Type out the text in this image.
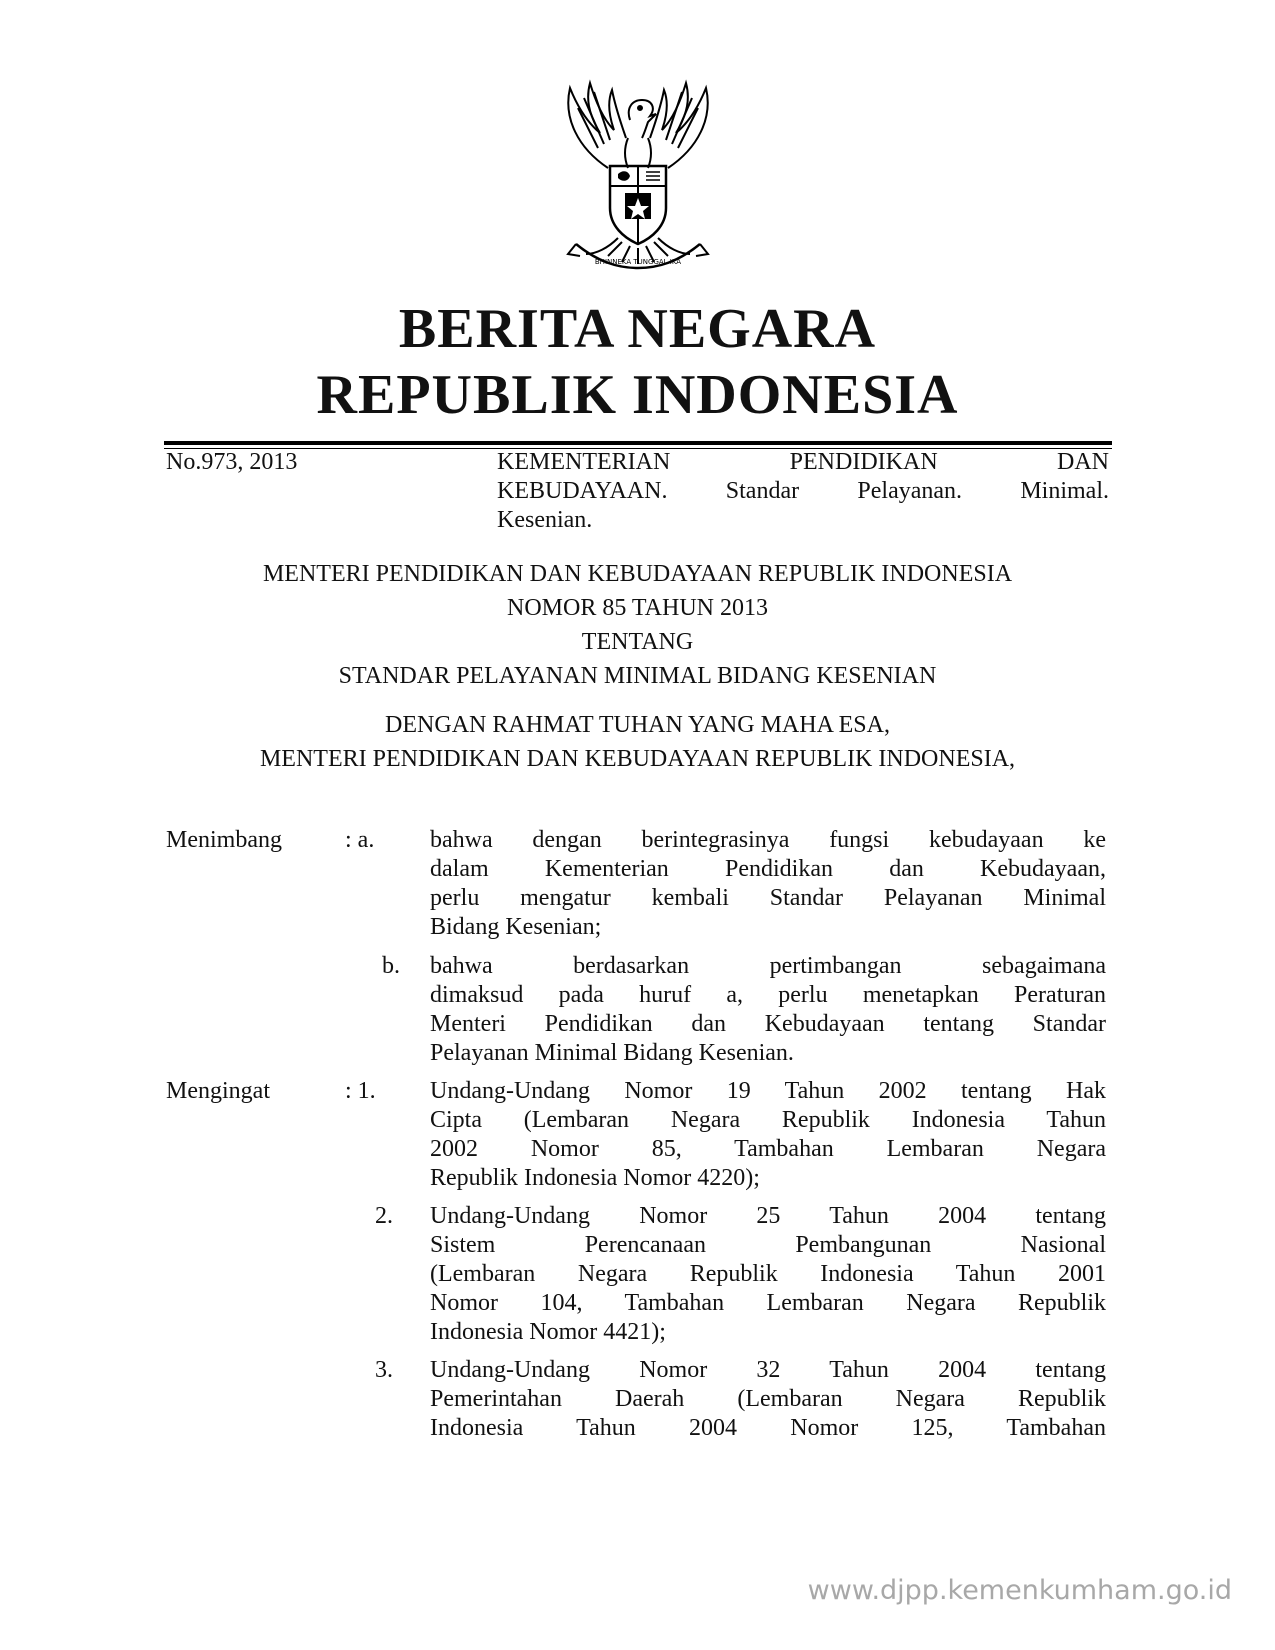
BHINNEKA TUNGGAL IKA
BERITA NEGARA
REPUBLIK INDONESIA
No.973, 2013	KEMENTERIAN PENDIDIKAN DAN
KEBUDAYAAN. Standar Pelayanan. Minimal.
Kesenian.
MENTERI PENDIDIKAN DAN KEBUDAYAAN REPUBLIK INDONESIA
NOMOR 85 TAHUN 2013
TENTANG
STANDAR PELAYANAN MINIMAL BIDANG KESENIAN
DENGAN RAHMAT TUHAN YANG MAHA ESA,
MENTERI PENDIDIKAN DAN KEBUDAYAAN REPUBLIK INDONESIA,
Menimbang	: a. bahwa dengan berintegrasinya fungsi kebudayaan ke
dalam Kementerian Pendidikan dan Kebudayaan,
perlu mengatur kembali Standar Pelayanan Minimal
Bidang Kesenian;
b. bahwa berdasarkan pertimbangan sebagaimana
dimaksud pada huruf a, perlu menetapkan Peraturan
Menteri Pendidikan dan Kebudayaan tentang Standar
Pelayanan Minimal Bidang Kesenian.
Mengingat	: 1. Undang-Undang Nomor 19 Tahun 2002 tentang Hak
Cipta (Lembaran Negara Republik Indonesia Tahun
2002 Nomor 85, Tambahan Lembaran Negara
Republik Indonesia Nomor 4220);
2. Undang-Undang Nomor 25 Tahun 2004 tentang
Sistem Perencanaan Pembangunan Nasional
(Lembaran Negara Republik Indonesia Tahun 2001
Nomor 104, Tambahan Lembaran Negara Republik
Indonesia Nomor 4421);
3. Undang-Undang Nomor 32 Tahun 2004 tentang
Pemerintahan Daerah (Lembaran Negara Republik
Indonesia Tahun 2004 Nomor 125, Tambahan
www.djpp.kemenkumham.go.id
